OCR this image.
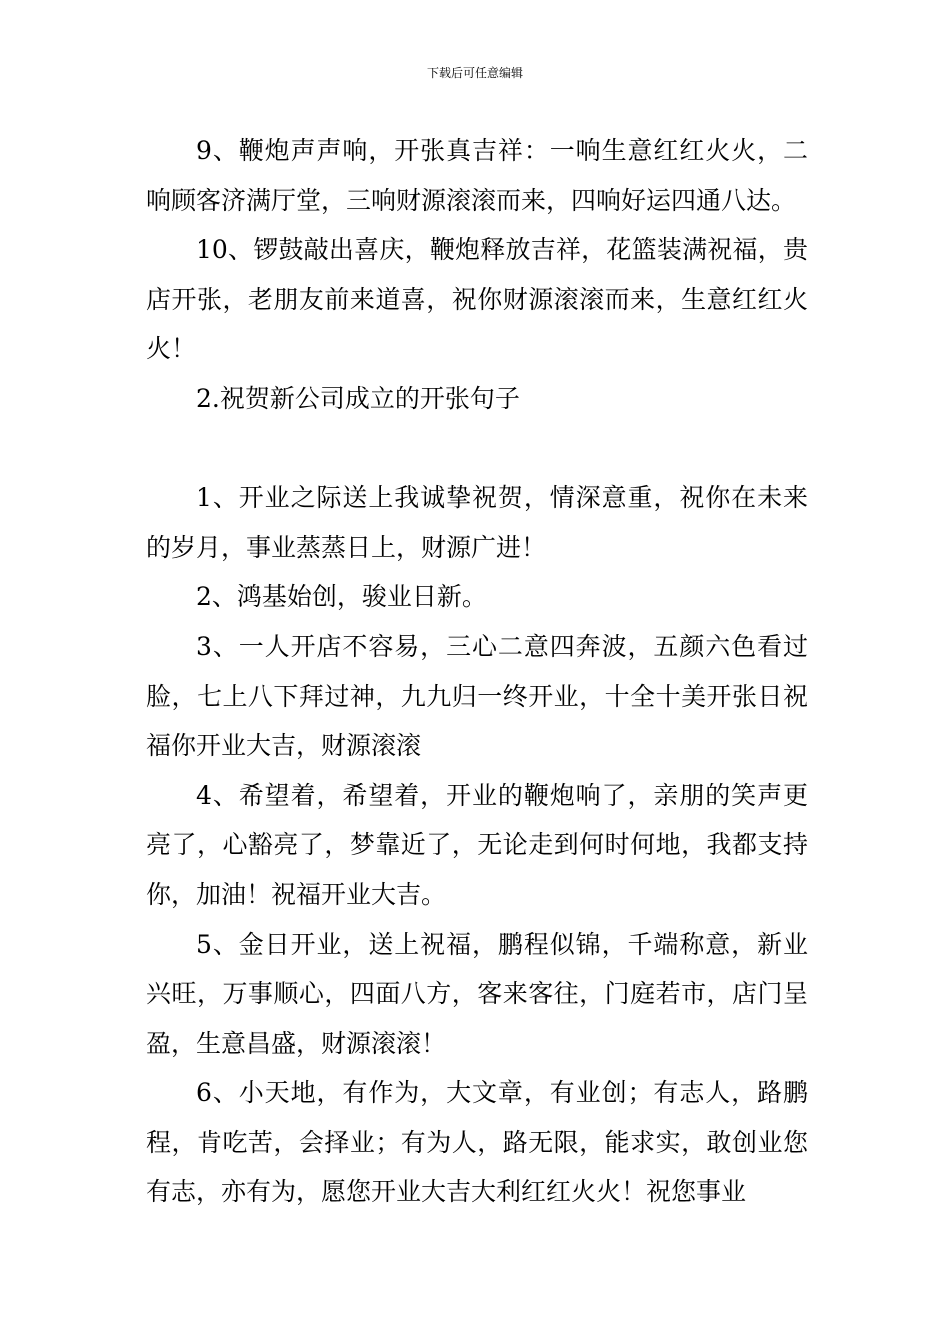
下载后可任意编辑

9、鞭炮声声响，开张真吉祥：一响生意红红火火，二响顾客济满厅堂，三响财源滚滚而来，四响好运四通八达。

10、锣鼓敲出喜庆，鞭炮释放吉祥，花篮装满祝福，贵店开张，老朋友前来道喜，祝你财源滚滚而来，生意红红火火！

2.祝贺新公司成立的开张句子

1、开业之际送上我诚挚祝贺，情深意重，祝你在未来的岁月，事业蒸蒸日上，财源广进！

2、鸿基始创，骏业日新。

3、一人开店不容易，三心二意四奔波，五颜六色看过脸，七上八下拜过神，九九归一终开业，十全十美开张日祝福你开业大吉，财源滚滚

4、希望着，希望着，开业的鞭炮响了，亲朋的笑声更亮了，心豁亮了，梦靠近了，无论走到何时何地，我都支持你，加油！祝福开业大吉。

5、金日开业，送上祝福，鹏程似锦，千端称意，新业兴旺，万事顺心，四面八方，客来客往，门庭若市，店门呈盈，生意昌盛，财源滚滚！

6、小天地，有作为，大文章，有业创；有志人，路鹏程，肯吃苦，会择业；有为人，路无限，能求实，敢创业您有志，亦有为，愿您开业大吉大利红红火火！祝您事业
